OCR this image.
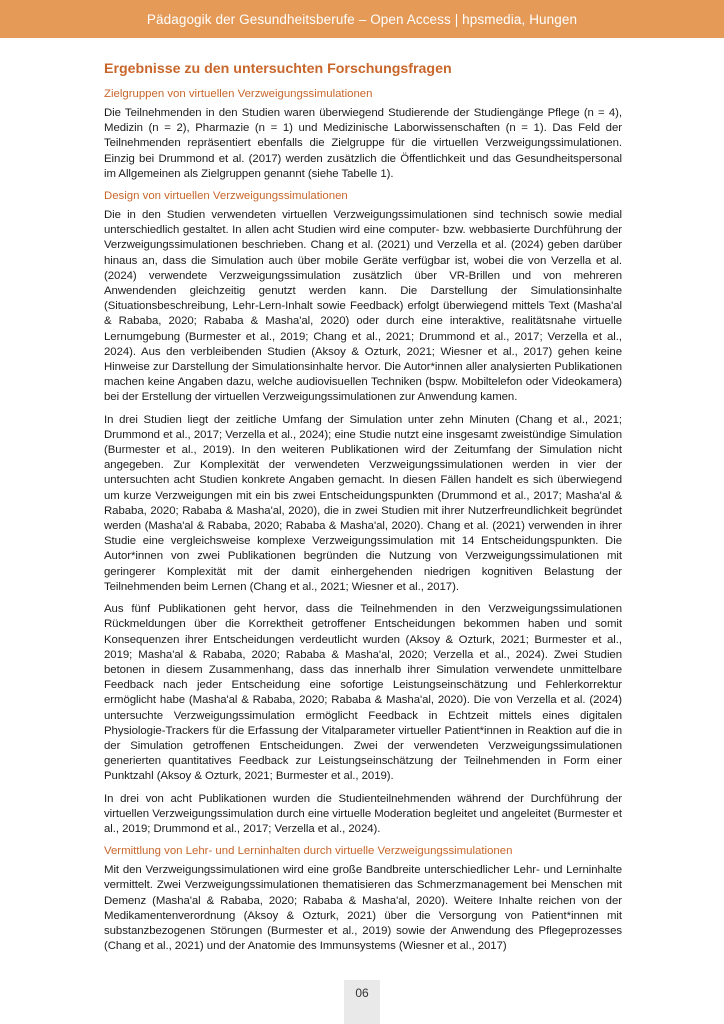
Pädagogik der Gesundheitsberufe – Open Access | hpsmedia, Hungen
Ergebnisse zu den untersuchten Forschungsfragen
Zielgruppen von virtuellen Verzweigungssimulationen

Die Teilnehmenden in den Studien waren überwiegend Studierende der Studiengänge Pflege (n = 4), Medizin (n = 2), Pharmazie (n = 1) und Medizinische Laborwissenschaften (n = 1). Das Feld der Teilnehmenden repräsentiert ebenfalls die Zielgruppe für die virtuellen Verzweigungssimulationen. Einzig bei Drummond et al. (2017) werden zusätzlich die Öffentlichkeit und das Gesundheitspersonal im Allgemeinen als Zielgruppen genannt (siehe Tabelle 1).

Design von virtuellen Verzweigungssimulationen

Die in den Studien verwendeten virtuellen Verzweigungssimulationen sind technisch sowie medial unterschiedlich gestaltet. In allen acht Studien wird eine computer- bzw. webbasierte Durchführung der Verzweigungssimulationen beschrieben. Chang et al. (2021) und Verzella et al. (2024) geben darüber hinaus an, dass die Simulation auch über mobile Geräte verfügbar ist, wobei die von Verzella et al. (2024) verwendete Verzweigungssimulation zusätzlich über VR-Brillen und von mehreren Anwendenden gleichzeitig genutzt werden kann. Die Darstellung der Simulationsinhalte (Situationsbeschreibung, Lehr-Lern-Inhalt sowie Feedback) erfolgt überwiegend mittels Text (Masha'al & Rababa, 2020; Rababa & Masha'al, 2020) oder durch eine interaktive, realitätsnahe virtuelle Lernumgebung (Burmester et al., 2019; Chang et al., 2021; Drummond et al., 2017; Verzella et al., 2024). Aus den verbleibenden Studien (Aksoy & Ozturk, 2021; Wiesner et al., 2017) gehen keine Hinweise zur Darstellung der Simulationsinhalte hervor. Die Autor*innen aller analysierten Publikationen machen keine Angaben dazu, welche audiovisuellen Techniken (bspw. Mobiltelefon oder Videokamera) bei der Erstellung der virtuellen Verzweigungssimulationen zur Anwendung kamen.

In drei Studien liegt der zeitliche Umfang der Simulation unter zehn Minuten (Chang et al., 2021; Drummond et al., 2017; Verzella et al., 2024); eine Studie nutzt eine insgesamt zweistündige Simulation (Burmester et al., 2019). In den weiteren Publikationen wird der Zeitumfang der Simulation nicht angegeben. Zur Komplexität der verwendeten Verzweigungssimulationen werden in vier der untersuchten acht Studien konkrete Angaben gemacht. In diesen Fällen handelt es sich überwiegend um kurze Verzweigungen mit ein bis zwei Entscheidungspunkten (Drummond et al., 2017; Masha'al & Rababa, 2020; Rababa & Masha'al, 2020), die in zwei Studien mit ihrer Nutzerfreundlichkeit begründet werden (Masha'al & Rababa, 2020; Rababa & Masha'al, 2020). Chang et al. (2021) verwenden in ihrer Studie eine vergleichsweise komplexe Verzweigungssimulation mit 14 Entscheidungspunkten. Die Autor*innen von zwei Publikationen begründen die Nutzung von Verzweigungssimulationen mit geringerer Komplexität mit der damit einhergehenden niedrigen kognitiven Belastung der Teilnehmenden beim Lernen (Chang et al., 2021; Wiesner et al., 2017).

Aus fünf Publikationen geht hervor, dass die Teilnehmenden in den Verzweigungssimulationen Rückmeldungen über die Korrektheit getroffener Entscheidungen bekommen haben und somit Konsequenzen ihrer Entscheidungen verdeutlicht wurden (Aksoy & Ozturk, 2021; Burmester et al., 2019; Masha'al & Rababa, 2020; Rababa & Masha'al, 2020; Verzella et al., 2024). Zwei Studien betonen in diesem Zusammenhang, dass das innerhalb ihrer Simulation verwendete unmittelbare Feedback nach jeder Entscheidung eine sofortige Leistungseinschätzung und Fehlerkorrektur ermöglicht habe (Masha'al & Rababa, 2020; Rababa & Masha'al, 2020). Die von Verzella et al. (2024) untersuchte Verzweigungssimulation ermöglicht Feedback in Echtzeit mittels eines digitalen Physiologie-Trackers für die Erfassung der Vitalparameter virtueller Patient*innen in Reaktion auf die in der Simulation getroffenen Entscheidungen. Zwei der verwendeten Verzweigungssimulationen generierten quantitatives Feedback zur Leistungseinschätzung der Teilnehmenden in Form einer Punktzahl (Aksoy & Ozturk, 2021; Burmester et al., 2019).

In drei von acht Publikationen wurden die Studienteilnehmenden während der Durchführung der virtuellen Verzweigungssimulation durch eine virtuelle Moderation begleitet und angeleitet (Burmester et al., 2019; Drummond et al., 2017; Verzella et al., 2024).

Vermittlung von Lehr- und Lerninhalten durch virtuelle Verzweigungssimulationen

Mit den Verzweigungssimulationen wird eine große Bandbreite unterschiedlicher Lehr- und Lerninhalte vermittelt. Zwei Verzweigungssimulationen thematisieren das Schmerzmanagement bei Menschen mit Demenz (Masha'al & Rababa, 2020; Rababa & Masha'al, 2020). Weitere Inhalte reichen von der Medikamentenverordnung (Aksoy & Ozturk, 2021) über die Versorgung von Patient*innen mit substanzbezogenen Störungen (Burmester et al., 2019) sowie der Anwendung des Pflegeprozesses (Chang et al., 2021) und der Anatomie des Immunsystems (Wiesner et al., 2017)

06
